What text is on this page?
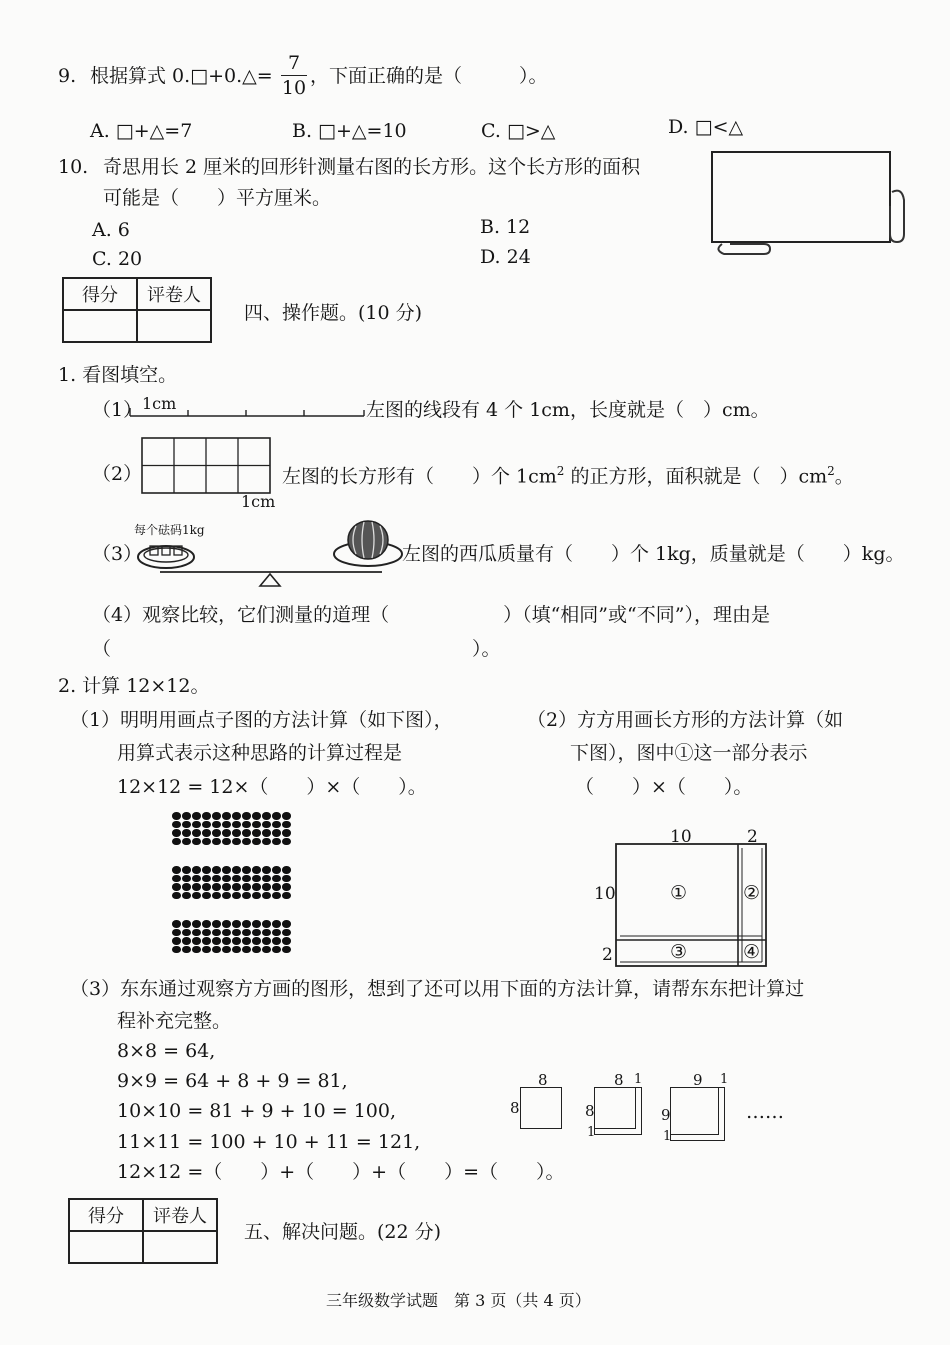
9. 根据算式 0.□+0.△= $\frac{7}{10}$ ，下面正确的是（　　　）。
A. □+△=7	B. □+△=10	C. □>△	D. □<△
10. 奇思用长 2 厘米的回形针测量右图的长方形。这个长方形的面积
可能是（　　）平方厘米。
A. 6	B. 12
C. 20	D. 24
得分	评卷人

四、操作题。(10 分)
1. 看图填空。
（1） 1cm	左图的线段有 4 个 1cm，长度就是（　）cm。
（2）
1cm
左图的长方形有（　　）个 $1cm^2$ 的正方形，面积就是（　）$cm^2$。
（3）
每个砝码1kg
左图的西瓜质量有（　　）个 1kg，质量就是（　　）kg。
（4）观察比较，它们测量的道理（　　　　　　）（填“相同”或“不同”），理由是
（　　　　　　　　　　　　　　　　　　　）。
2. 计算 12×12。
（1）明明用画点子图的方法计算（如下图），
用算式表示这种思路的计算过程是
12×12 = 12×（　　）×（　　）。
（2）方方用画长方形的方法计算（如
下图），图中①这一部分表示
（　　）×（　　）。
10	2
10
2
①	②
③	④
（3）东东通过观察方方画的图形，想到了还可以用下面的方法计算，请帮东东把计算过
程补充完整。
8×8 = 64,
9×9 = 64 + 8 + 9 = 81,
10×10 = 81 + 9 + 10 = 100,
11×11 = 100 + 10 + 11 = 121,
12×12 =（　　）+（　　）+（　　）=（　　）。
8
8
8 1
8
1
9 1
9
1
……
得分	评卷人

五、解决问题。(22 分)
三年级数学试题　第 3 页（共 4 页）
